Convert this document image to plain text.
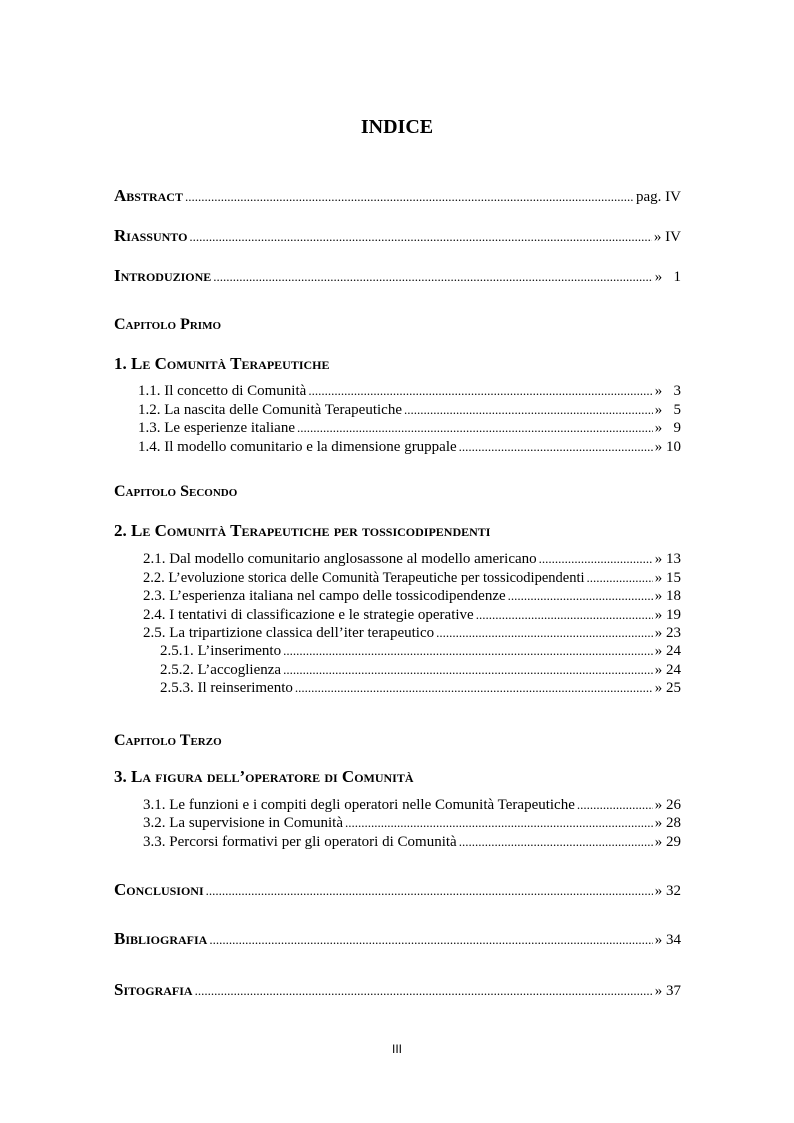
INDICE
Abstract .....	pag. IV
Riassunto .....	» IV
Introduzione .....	»   1
Capitolo Primo
1. Le Comunità Terapeutiche
1.1. Il concetto di Comunità .....	»   3
1.2. La nascita delle Comunità Terapeutiche .....	»   5
1.3. Le esperienze italiane .....	»   9
1.4. Il modello comunitario e la dimensione gruppale .....	» 10
Capitolo Secondo
2. Le Comunità Terapeutiche per tossicodipendenti
2.1. Dal modello comunitario anglosassone al modello americano .....	» 13
2.2. L’evoluzione storica delle Comunità Terapeutiche per tossicodipendenti .....	» 15
2.3. L’esperienza italiana nel campo delle tossicodipendenze .....	» 18
2.4. I tentativi di classificazione e le strategie operative .....	» 19
2.5. La tripartizione classica dell’iter terapeutico .....	» 23
2.5.1. L’inserimento .....	» 24
2.5.2. L’accoglienza .....	» 24
2.5.3. Il reinserimento .....	» 25
Capitolo Terzo
3. La figura dell’operatore di Comunità
3.1. Le funzioni e i compiti degli operatori nelle Comunità Terapeutiche .....	» 26
3.2. La supervisione in Comunità .....	» 28
3.3. Percorsi formativi per gli operatori di Comunità .....	» 29
Conclusioni .....	» 32
Bibliografia .....	» 34
Sitografia .....	» 37
III
